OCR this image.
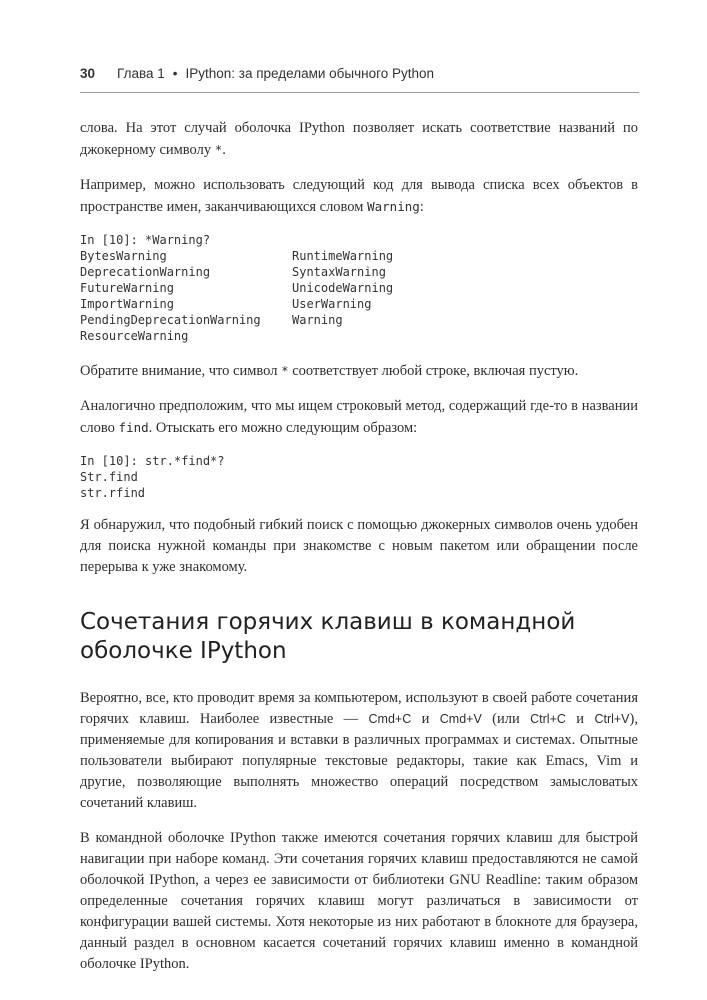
30 Глава 1 • IPython: за пределами обычного Python

слова. На этот случай оболочка IPython позволяет искать соответствие названий по джокерному символу *.

Например, можно использовать следующий код для вывода списка всех объектов в пространстве имен, заканчивающихся словом Warning:

In [10]: *Warning?
BytesWarning	RuntimeWarning
DeprecationWarning	SyntaxWarning
FutureWarning	UnicodeWarning
ImportWarning	UserWarning
PendingDeprecationWarning	Warning
ResourceWarning

Обратите внимание, что символ * соответствует любой строке, включая пустую.

Аналогично предположим, что мы ищем строковый метод, содержащий где-то в названии слово find. Отыскать его можно следующим образом:

In [10]: str.*find*?
Str.find
str.rfind

Я обнаружил, что подобный гибкий поиск с помощью джокерных символов очень удобен для поиска нужной команды при знакомстве с новым пакетом или обращении после перерыва к уже знакомому.

Сочетания горячих клавиш в командной
оболочке IPython

Вероятно, все, кто проводит время за компьютером, используют в своей работе сочетания горячих клавиш. Наиболее известные — Cmd+C и Cmd+V (или Ctrl+C и Ctrl+V), применяемые для копирования и вставки в различных программах и системах. Опытные пользователи выбирают популярные текстовые редакторы, такие как Emacs, Vim и другие, позволяющие выполнять множество операций посредством замысловатых сочетаний клавиш.

В командной оболочке IPython также имеются сочетания горячих клавиш для быстрой навигации при наборе команд. Эти сочетания горячих клавиш предоставляются не самой оболочкой IPython, а через ее зависимости от библиотеки GNU Readline: таким образом определенные сочетания горячих клавиш могут различаться в зависимости от конфигурации вашей системы. Хотя некоторые из них работают в блокноте для браузера, данный раздел в основном касается сочетаний горячих клавиш именно в командной оболочке IPython.
